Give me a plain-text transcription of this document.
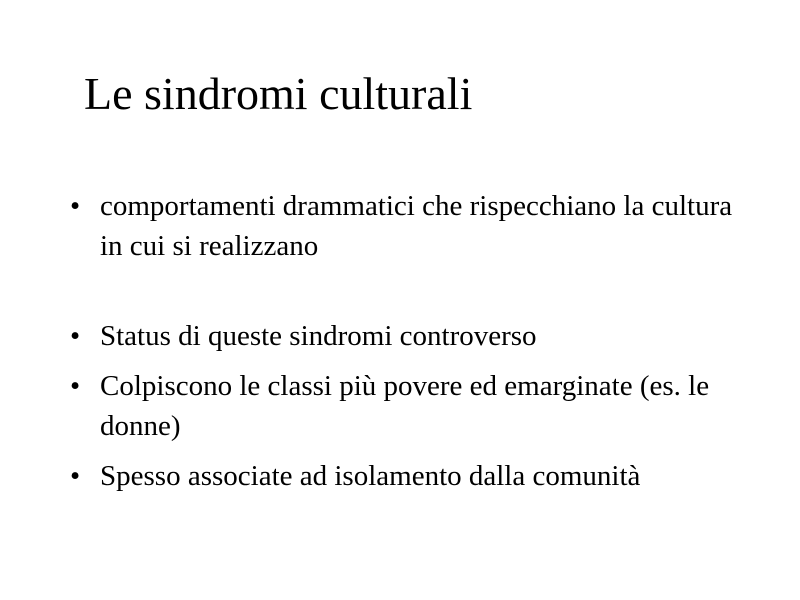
Le sindromi culturali
• comportamenti drammatici che rispecchiano la cultura in cui si realizzano
• Status di queste sindromi controverso
• Colpiscono le classi più povere ed emarginate (es. le donne)
• Spesso associate ad isolamento dalla comunità
